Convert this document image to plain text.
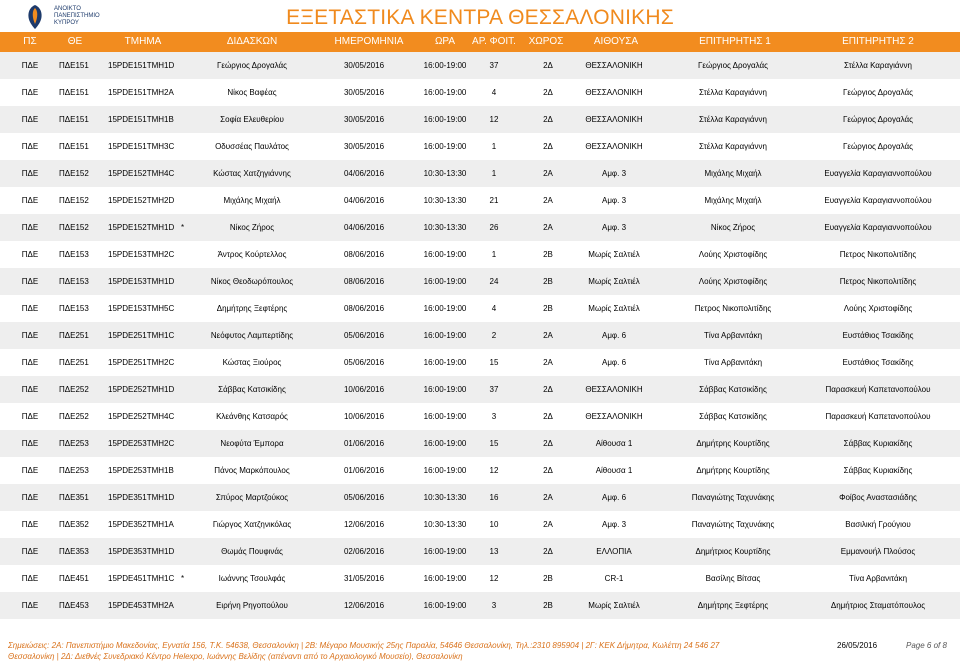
ΑΝΟΙΚΤΟ
ΠΑΝΕΠΙΣΤΗΜΙΟ
ΚΥΠΡΟΥ	ΕΞΕΤΑΣΤΙΚΑ ΚΕΝΤΡΑ ΘΕΣΣΑΛΟΝΙΚΗΣ
ΠΣ	ΘΕ	ΤΜΗΜΑ	ΔΙΔΑΣΚΩΝ	ΗΜΕΡΟΜΗΝΙΑ	ΩΡΑ ΑΡ. ΦΟΙΤ. ΧΩΡΟΣ	ΑΙΘΟΥΣΑ	ΕΠΙΤΗΡΗΤΗΣ 1	ΕΠΙΤΗΡΗΤΗΣ 2
ΠΔΕ	ΠΔΕ151 15PDE151TMH1D	Γεώργιος Δρογαλάς	30/05/2016	16:00-19:00	37	2Δ	ΘΕΣΣΑΛΟΝΙΚΗ	Γεώργιος Δρογαλάς	Στέλλα Καραγιάννη
ΠΔΕ	ΠΔΕ151 15PDE151TMH2A	Νίκος Βαφέας	30/05/2016	16:00-19:00	4	2Δ	ΘΕΣΣΑΛΟΝΙΚΗ	Στέλλα Καραγιάννη	Γεώργιος Δρογαλάς
ΠΔΕ	ΠΔΕ151 15PDE151TMH1B	Σοφία Ελευθερίου	30/05/2016	16:00-19:00	12	2Δ	ΘΕΣΣΑΛΟΝΙΚΗ	Στέλλα Καραγιάννη	Γεώργιος Δρογαλάς
ΠΔΕ	ΠΔΕ151 15PDE151TMH3C	Οδυσσέας Παυλάτος	30/05/2016	16:00-19:00	1	2Δ	ΘΕΣΣΑΛΟΝΙΚΗ	Στέλλα Καραγιάννη	Γεώργιος Δρογαλάς
ΠΔΕ	ΠΔΕ152 15PDE152TMH4C	Κώστας Χατζηγιάννης	04/06/2016	10:30-13:30	1	2Α	Αμφ. 3	Μιχάλης Μιχαήλ	Ευαγγελία Καραγιαννοπούλου
ΠΔΕ	ΠΔΕ152 15PDE152TMH2D	Μιχάλης Μιχαήλ	04/06/2016	10:30-13:30	21	2Α	Αμφ. 3	Μιχάλης Μιχαήλ	Ευαγγελία Καραγιαννοπούλου
ΠΔΕ	ΠΔΕ152 15PDE152TMH1D	Νίκος Ζήρος	04/06/2016	10:30-13:30	26	2Α	Αμφ. 3	Νίκος Ζήρος	Ευαγγελία Καραγιαννοπούλου
*
ΠΔΕ	ΠΔΕ153 15PDE153TMH2C	Άντρος Κούρτελλος	08/06/2016	16:00-19:00	1	2Β	Μωρίς Σαλτιέλ	Λούης Χριστοφίδης	Πετρος Νικοπολιτίδης
ΠΔΕ	ΠΔΕ153 15PDE153TMH1D	Νίκος Θεοδωρόπουλος	08/06/2016	16:00-19:00	24	2Β	Μωρίς Σαλτιέλ	Λούης Χριστοφίδης	Πετρος Νικοπολιτίδης
ΠΔΕ	ΠΔΕ153 15PDE153TMH5C	Δημήτρης Ξεφτέρης	08/06/2016	16:00-19:00	4	2Β	Μωρίς Σαλτιέλ	Πετρος Νικοπολιτίδης	Λούης Χριστοφίδης
ΠΔΕ	ΠΔΕ251 15PDE251TMH1C	Νεόφυτος Λαμπερτίδης	05/06/2016	16:00-19:00	2	2Α	Αμφ. 6	Τίνα Αρβανιτάκη	Ευστάθιος Τσακίδης
ΠΔΕ	ΠΔΕ251 15PDE251TMH2C	Κώστας Ξιούρος	05/06/2016	16:00-19:00	15	2Α	Αμφ. 6	Τίνα Αρβανιτάκη	Ευστάθιος Τσακίδης
ΠΔΕ	ΠΔΕ252 15PDE252TMH1D	Σάββας Κατσικίδης	10/06/2016	16:00-19:00	37	2Δ	ΘΕΣΣΑΛΟΝΙΚΗ	Σάββας Κατσικίδης	Παρασκευή Καπετανοπούλου
ΠΔΕ	ΠΔΕ252 15PDE252TMH4C	Κλεάνθης Κατσαρός	10/06/2016	16:00-19:00	3	2Δ	ΘΕΣΣΑΛΟΝΙΚΗ	Σάββας Κατσικίδης	Παρασκευή Καπετανοπούλου
ΠΔΕ	ΠΔΕ253 15PDE253TMH2C	Νεοφύτα Έμπορα	01/06/2016	16:00-19:00	15	2Δ	Αίθουσα 1	Δημήτρης Κουρτίδης	Σάββας Κυριακίδης
ΠΔΕ	ΠΔΕ253 15PDE253TMH1B	Πάνος Μαρκόπουλος	01/06/2016	16:00-19:00	12	2Δ	Αίθουσα 1	Δημήτρης Κουρτίδης	Σάββας Κυριακίδης
ΠΔΕ	ΠΔΕ351 15PDE351TMH1D	Σπύρος Μαρτζούκος	05/06/2016	10:30-13:30	16	2Α	Αμφ. 6	Παναγιώτης Ταχυνάκης	Φοίβος Αναστασιάδης
ΠΔΕ	ΠΔΕ352 15PDE352TMH1A	Γιώργος Χατζηνικόλας	12/06/2016	10:30-13:30	10	2Α	Αμφ. 3	Παναγιώτης Ταχυνάκης	Βασιλική Γρούγιου
ΠΔΕ	ΠΔΕ353 15PDE353TMH1D	Θωμάς Πουφινάς	02/06/2016	16:00-19:00	13	2Δ	ΕΛΛΟΠΙΑ	Δημήτριος Κουρτίδης	Εμμανουήλ Πλούσος
ΠΔΕ	ΠΔΕ451 15PDE451TMH1C	Ιωάννης Τσουλφάς	31/05/2016	16:00-19:00	12	2Β	CR-1	Βασίλης Βίτσας	Τίνα Αρβανιτάκη
*
ΠΔΕ	ΠΔΕ453 15PDE453TMH2A	Ειρήνη Ρηγοπούλου	12/06/2016	16:00-19:00	3	2Β	Μωρίς Σαλτιέλ	Δημήτρης Ξεφτέρης	Δημήτριος Σταματόπουλος
Σημειώσεις: 2Α: Πανεπιστήμιο Μακεδονίας, Εγνατία 156, Τ.Κ. 54638, Θεσσαλονίκη | 2Β: Μέγαρο Μουσικής 25ης Παραλία, 54646 Θεσσαλονίκη, Τηλ.:2310 895904 | 2Γ: ΚΕΚ Δήμητρα, Κωλέττη 24 546 27 Θεσσαλονίκη | 2Δ: Διεθνές Συνεδριακό Κέντρο Helexpo, Ιωάννης Βελίδης (απέναντι από το Αρχαιολογικό Μουσείο), Θεσσαλονίκη
26/05/2016	Page 6 of 8
